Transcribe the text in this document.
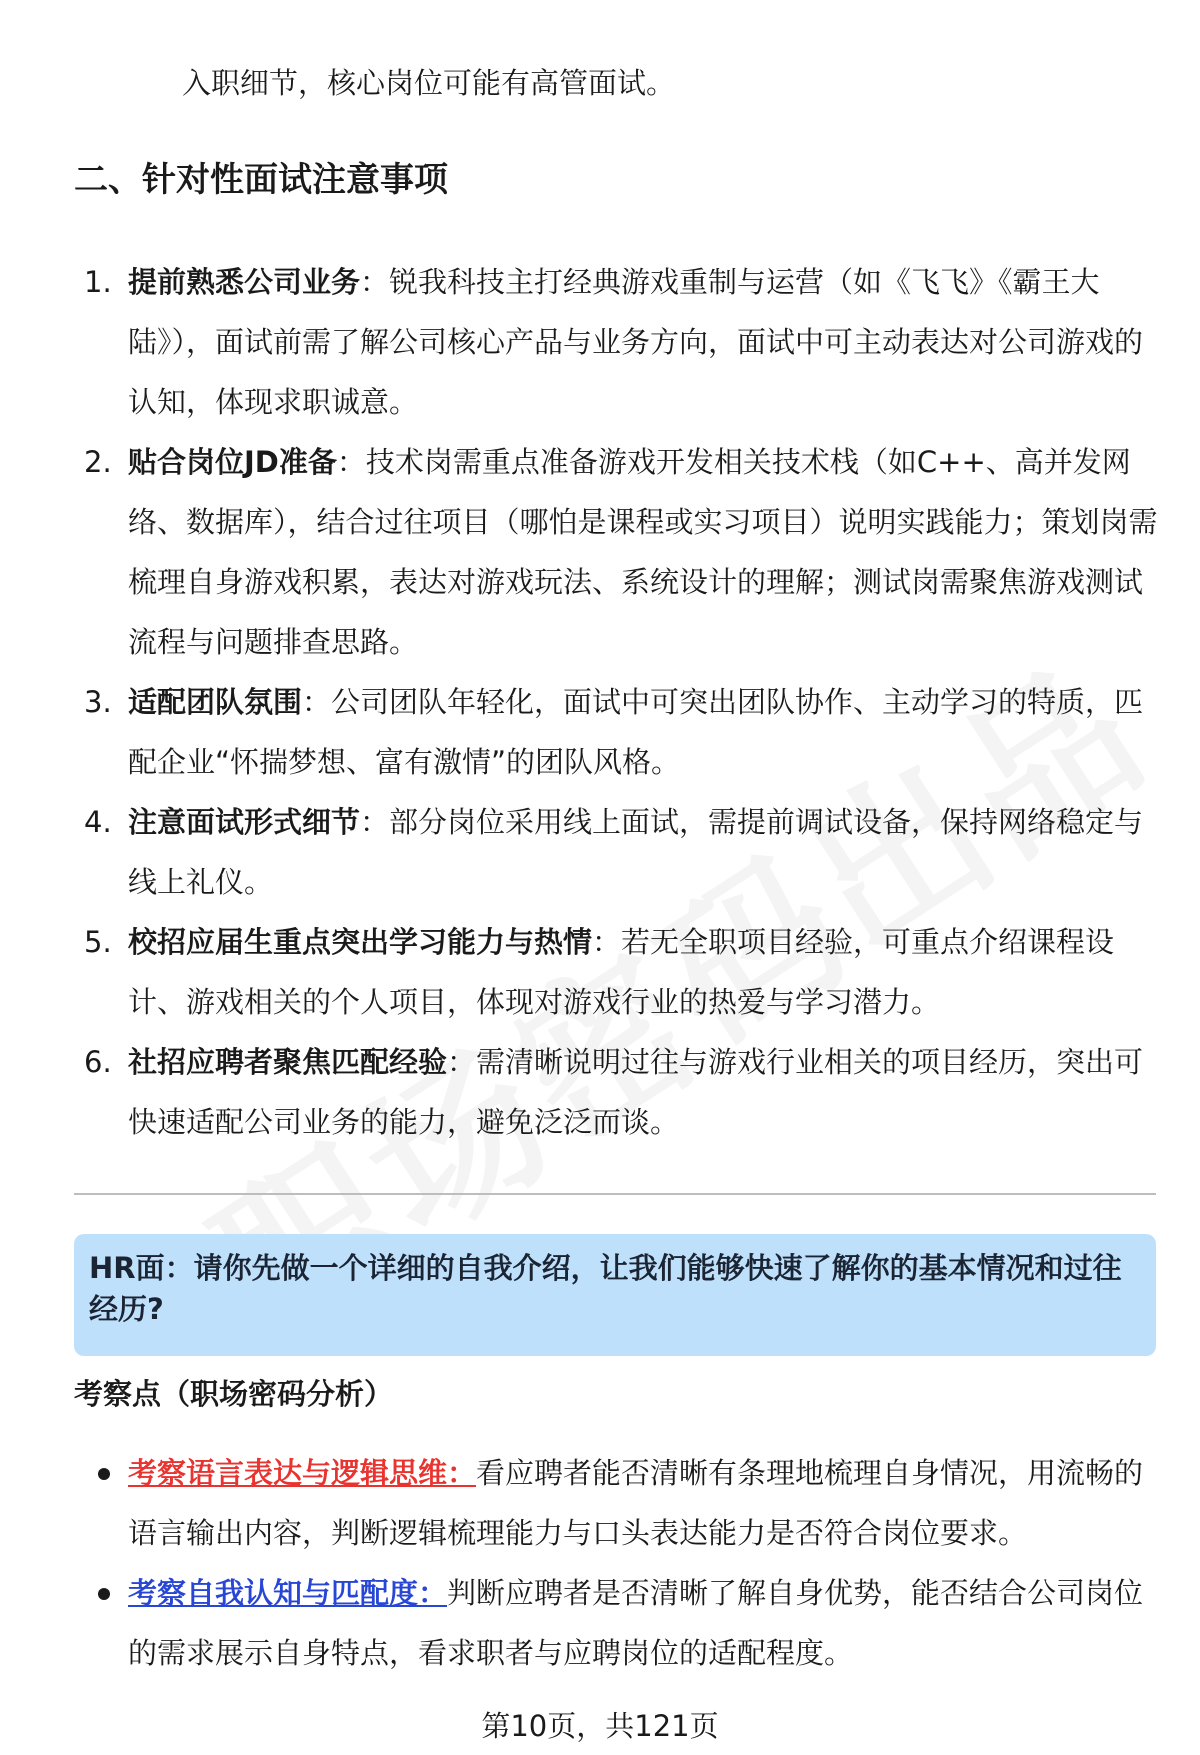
入职细节，核心岗位可能有高管面试。
二、针对性面试注意事项
1. 提前熟悉公司业务：锐我科技主打经典游戏重制与运营（如《飞飞》《霸王大陆》），面试前需了解公司核心产品与业务方向，面试中可主动表达对公司游戏的认知，体现求职诚意。
2. 贴合岗位JD准备：技术岗需重点准备游戏开发相关技术栈（如C++、高并发网络、数据库），结合过往项目（哪怕是课程或实习项目）说明实践能力；策划岗需梳理自身游戏积累，表达对游戏玩法、系统设计的理解；测试岗需聚焦游戏测试流程与问题排查思路。
3. 适配团队氛围：公司团队年轻化，面试中可突出团队协作、主动学习的特质，匹配企业“怀揣梦想、富有激情”的团队风格。
4. 注意面试形式细节：部分岗位采用线上面试，需提前调试设备，保持网络稳定与线上礼仪。
5. 校招应届生重点突出学习能力与热情：若无全职项目经验，可重点介绍课程设计、游戏相关的个人项目，体现对游戏行业的热爱与学习潜力。
6. 社招应聘者聚焦匹配经验：需清晰说明过往与游戏行业相关的项目经历，突出可快速适配公司业务的能力，避免泛泛而谈。
HR面：请你先做一个详细的自我介绍，让我们能够快速了解你的基本情况和过往经历?
考察点（职场密码分析）
考察语言表达与逻辑思维：看应聘者能否清晰有条理地梳理自身情况，用流畅的语言输出内容，判断逻辑梳理能力与口头表达能力是否符合岗位要求。
考察自我认知与匹配度：判断应聘者是否清晰了解自身优势，能否结合公司岗位的需求展示自身特点，看求职者与应聘岗位的适配程度。
第10页，共121页
